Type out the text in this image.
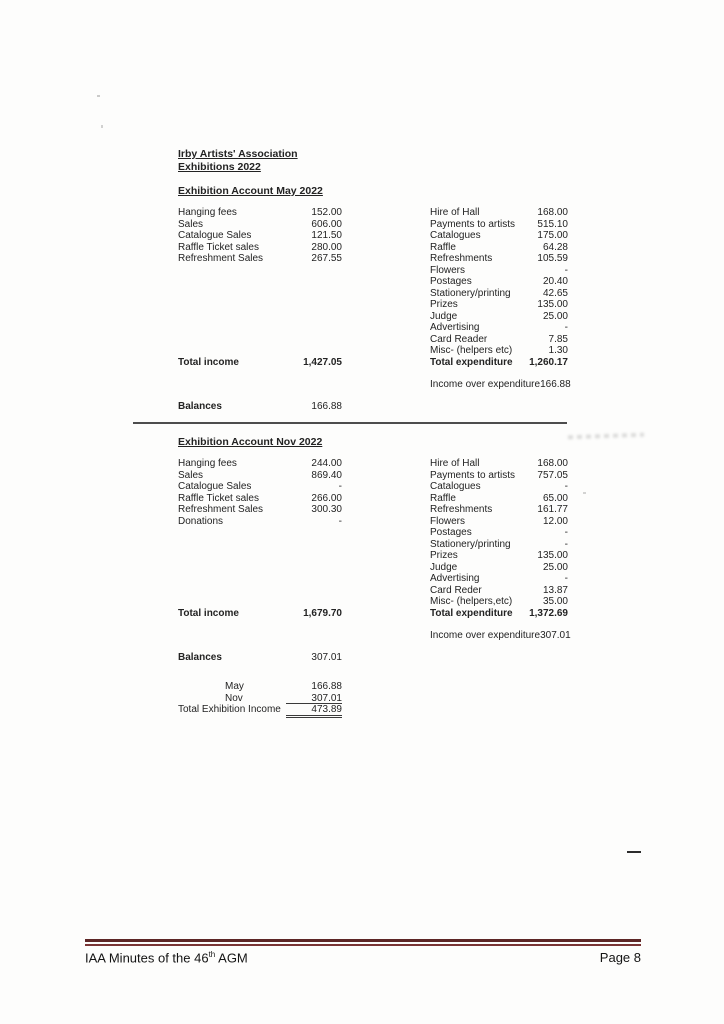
Irby Artists' Association
Exhibitions 2022
Exhibition Account May 2022
Hanging fees	152.00
Sales	606.00
Catalogue Sales	121.50
Raffle Ticket sales	280.00
Refreshment Sales	267.55
Total income	1,427.05
Balances	166.88
Hire of Hall	168.00
Payments to artists 515.10
Catalogues	175.00
Raffle	64.28
Refreshments	105.59
Flowers	-
Postages	20.40
Stationery/printing	42.65
Prizes	135.00
Judge	25.00
Advertising	-
Card Reader	7.85
Misc- (helpers etc)	1.30
Total expenditure 1,260.17
Income over expenditure 166.88
Exhibition Account Nov 2022
Hanging fees	244.00
Sales	869.40
Catalogue Sales	-
Raffle Ticket sales	266.00
Refreshment Sales	300.30
Donations	-
Total income	1,679.70
Balances	307.01
Hire of Hall	168.00
Payments to artists 757.05
Catalogues	-
Raffle	65.00
Refreshments	161.77
Flowers	12.00
Postages	-
Stationery/printing	-
Prizes	135.00
Judge	25.00
Advertising	-
Card Reder	13.87
Misc- (helpers,etc)	35.00
Total expenditure 1,372.69
Income over expenditure 307.01
May	166.88
Nov	307.01
Total Exhibition Income	473.89
IAA Minutes of the 46th AGM	Page 8
